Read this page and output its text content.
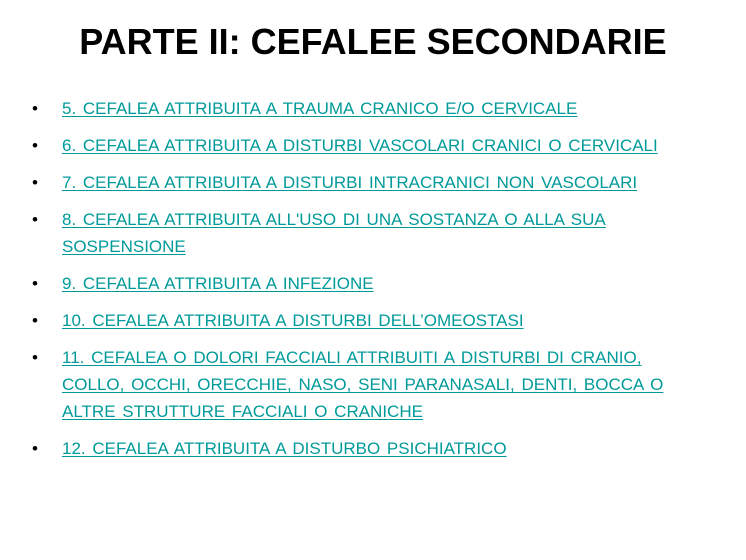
PARTE II: CEFALEE SECONDARIE
• 5. CEFALEA ATTRIBUITA A TRAUMA CRANICO E/O CERVICALE
• 6. CEFALEA ATTRIBUITA A DISTURBI VASCOLARI CRANICI O CERVICALI
• 7. CEFALEA ATTRIBUITA A DISTURBI INTRACRANICI NON VASCOLARI
• 8. CEFALEA ATTRIBUITA ALL'USO DI UNA SOSTANZA O ALLA SUA SOSPENSIONE
• 9. CEFALEA ATTRIBUITA A INFEZIONE
• 10. CEFALEA ATTRIBUITA A DISTURBI DELL’OMEOSTASI
• 11. CEFALEA O DOLORI FACCIALI ATTRIBUITI A DISTURBI DI CRANIO, COLLO, OCCHI, ORECCHIE, NASO, SENI PARANASALI, DENTI, BOCCA O ALTRE STRUTTURE FACCIALI O CRANICHE
• 12. CEFALEA ATTRIBUITA A DISTURBO PSICHIATRICO
